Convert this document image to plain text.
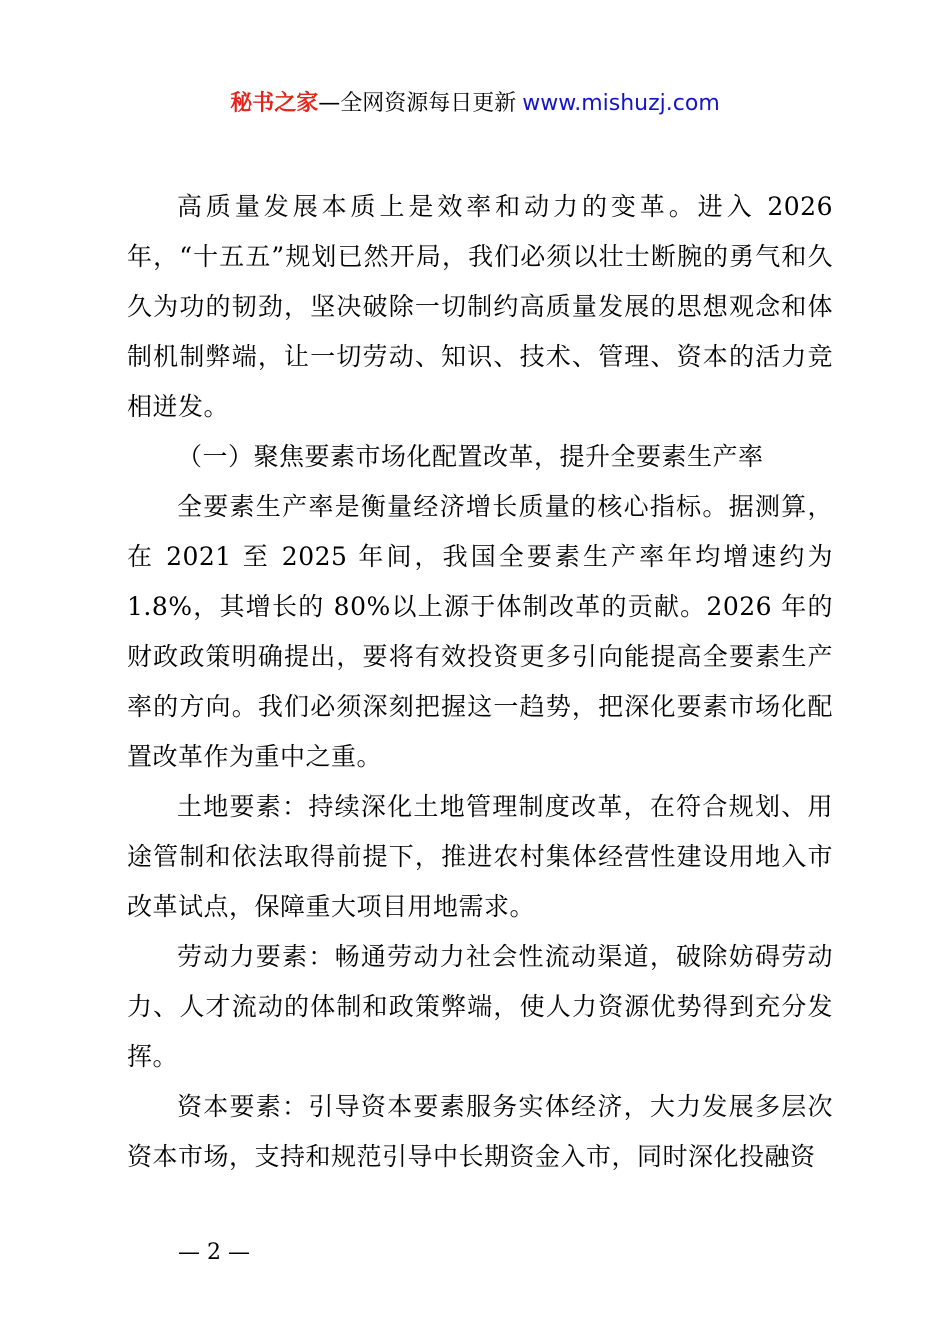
秘书之家—全网资源每日更新 www.mishuzj.com

高质量发展本质上是效率和动力的变革。进入 2026 年，“十五五”规划已然开局，我们必须以壮士断腕的勇气和久久为功的韧劲，坚决破除一切制约高质量发展的思想观念和体制机制弊端，让一切劳动、知识、技术、管理、资本的活力竞相迸发。

（一）聚焦要素市场化配置改革，提升全要素生产率

全要素生产率是衡量经济增长质量的核心指标。据测算，在 2021 至 2025 年间，我国全要素生产率年均增速约为 1.8%，其增长的 80%以上源于体制改革的贡献。2026 年的财政政策明确提出，要将有效投资更多引向能提高全要素生产率的方向。我们必须深刻把握这一趋势，把深化要素市场化配置改革作为重中之重。

土地要素：持续深化土地管理制度改革，在符合规划、用途管制和依法取得前提下，推进农村集体经营性建设用地入市改革试点，保障重大项目用地需求。

劳动力要素：畅通劳动力社会性流动渠道，破除妨碍劳动力、人才流动的体制和政策弊端，使人力资源优势得到充分发挥。

资本要素：引导资本要素服务实体经济，大力发展多层次资本市场，支持和规范引导中长期资金入市，同时深化投融资

— 2 —
